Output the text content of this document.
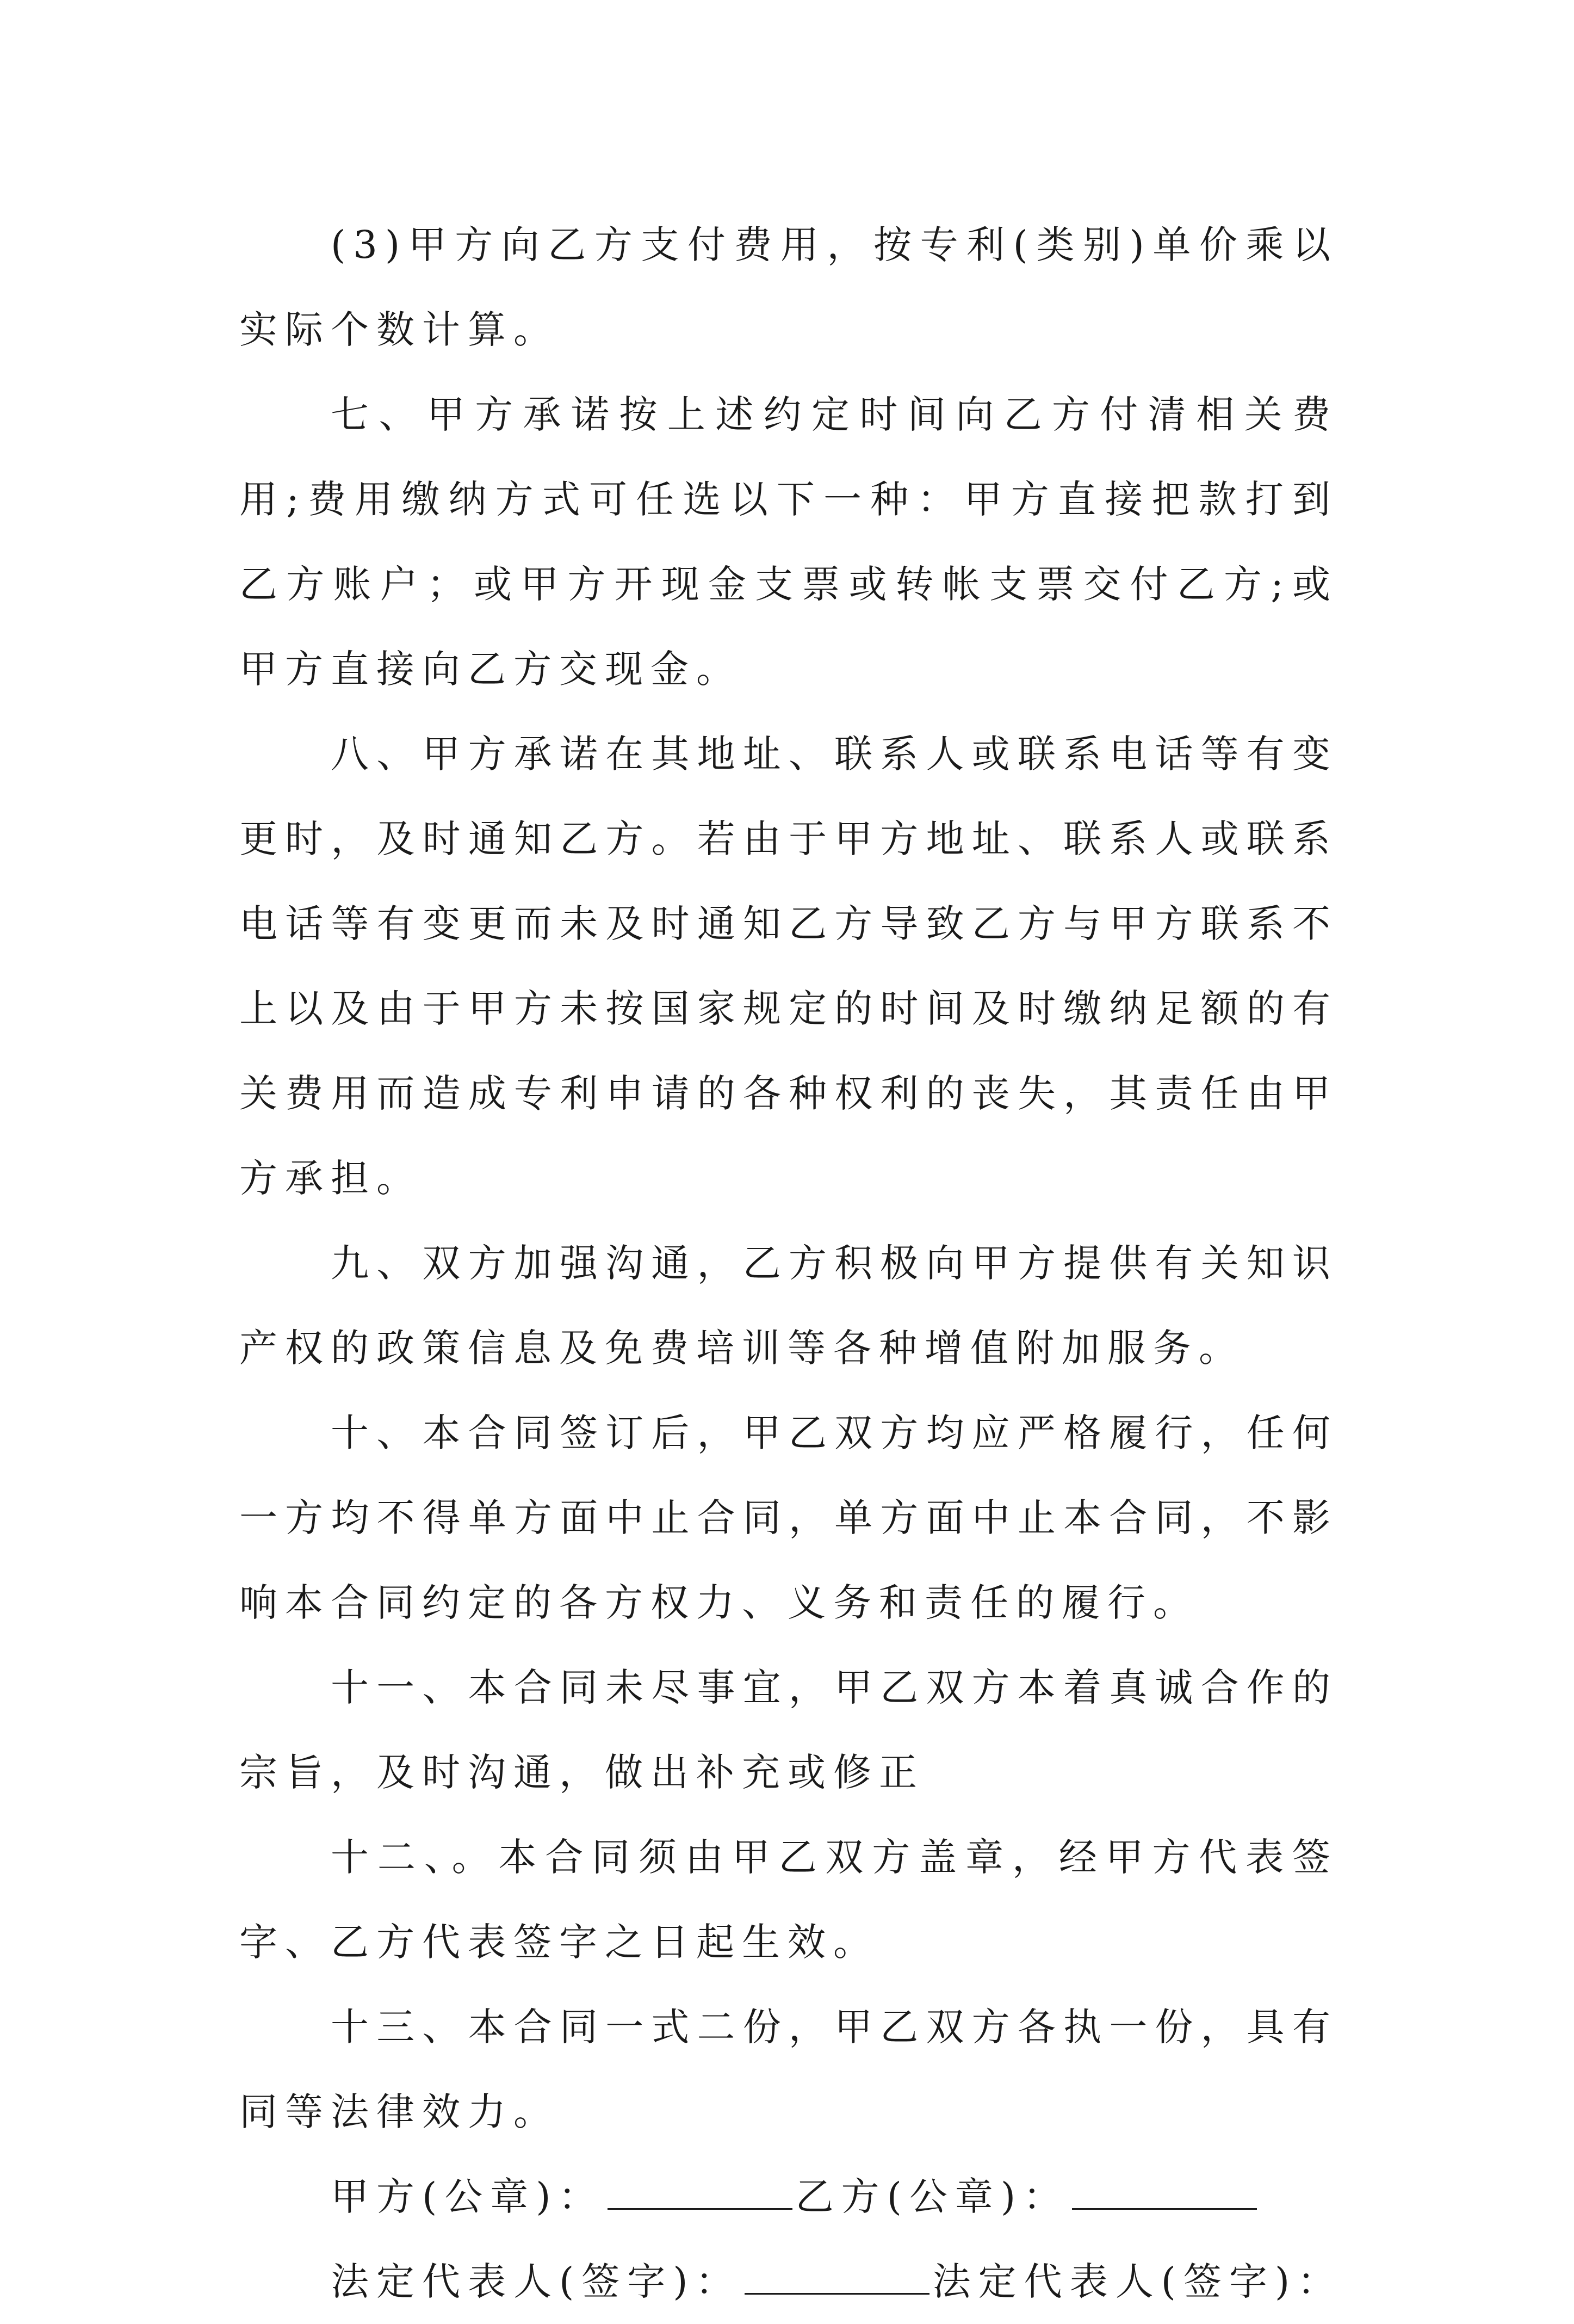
(3)甲方向乙方支付费用，按专利(类别)单价乘以实际个数计算。

七、甲方承诺按上述约定时间向乙方付清相关费用;费用缴纳方式可任选以下一种：甲方直接把款打到乙方账户；或甲方开现金支票或转帐支票交付乙方;或甲方直接向乙方交现金。

八、甲方承诺在其地址、联系人或联系电话等有变更时，及时通知乙方。若由于甲方地址、联系人或联系电话等有变更而未及时通知乙方导致乙方与甲方联系不上以及由于甲方未按国家规定的时间及时缴纳足额的有关费用而造成专利申请的各种权利的丧失，其责任由甲方承担。

九、双方加强沟通，乙方积极向甲方提供有关知识产权的政策信息及免费培训等各种增值附加服务。

十、本合同签订后，甲乙双方均应严格履行，任何一方均不得单方面中止合同，单方面中止本合同，不影响本合同约定的各方权力、义务和责任的履行。

十一、本合同未尽事宜，甲乙双方本着真诚合作的宗旨，及时沟通，做出补充或修正

十二、。本合同须由甲乙双方盖章，经甲方代表签字、乙方代表签字之日起生效。

十三、本合同一式二份，甲乙双方各执一份，具有同等法律效力。

甲方(公章)：	乙方(公章)：

法定代表人(签字)：	法定代表人(签字)：
